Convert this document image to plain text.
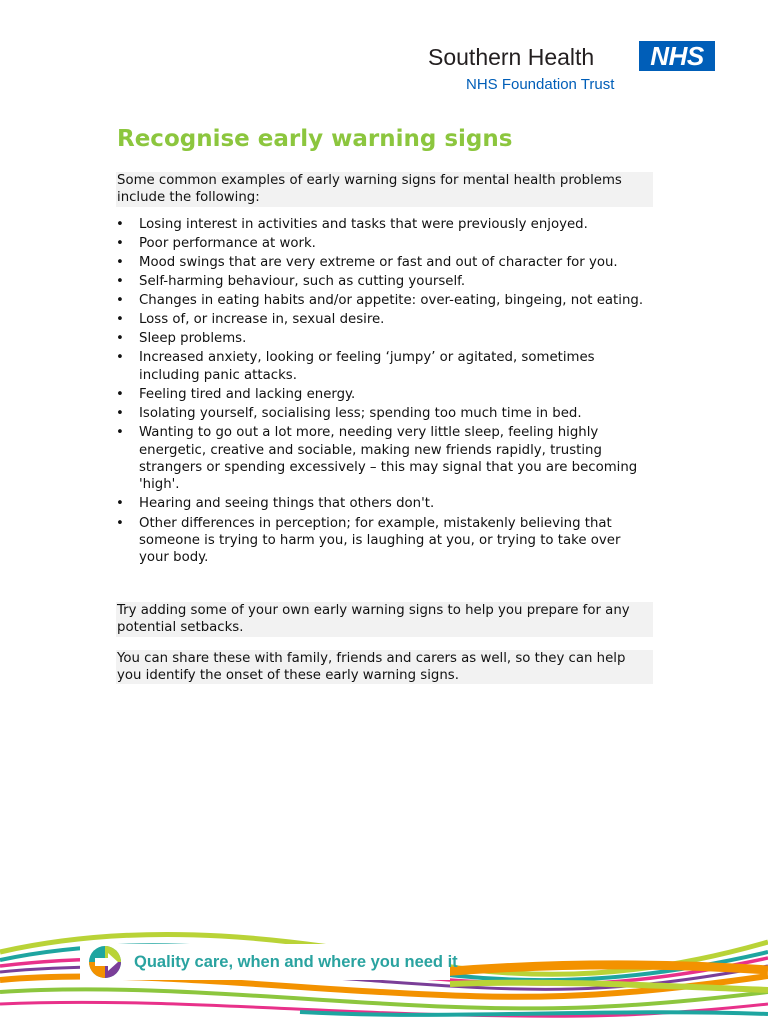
Southern Health	NHS
NHS Foundation Trust
Recognise early warning signs

Some common examples of early warning signs for mental health problems include the following:

• Losing interest in activities and tasks that were previously enjoyed.
• Poor performance at work.
• Mood swings that are very extreme or fast and out of character for you.
• Self-harming behaviour, such as cutting yourself.
• Changes in eating habits and/or appetite: over-eating, bingeing, not eating.
• Loss of, or increase in, sexual desire.
• Sleep problems.
• Increased anxiety, looking or feeling ‘jumpy’ or agitated, sometimes including panic attacks.
• Feeling tired and lacking energy.
• Isolating yourself, socialising less; spending too much time in bed.
• Wanting to go out a lot more, needing very little sleep, feeling highly energetic, creative and sociable, making new friends rapidly, trusting strangers or spending excessively – this may signal that you are becoming 'high'.
• Hearing and seeing things that others don't.
• Other differences in perception; for example, mistakenly believing that someone is trying to harm you, is laughing at you, or trying to take over your body.

Try adding some of your own early warning signs to help you prepare for any potential setbacks.

You can share these with family, friends and carers as well, so they can help you identify the onset of these early warning signs.

Quality care, when and where you need it
